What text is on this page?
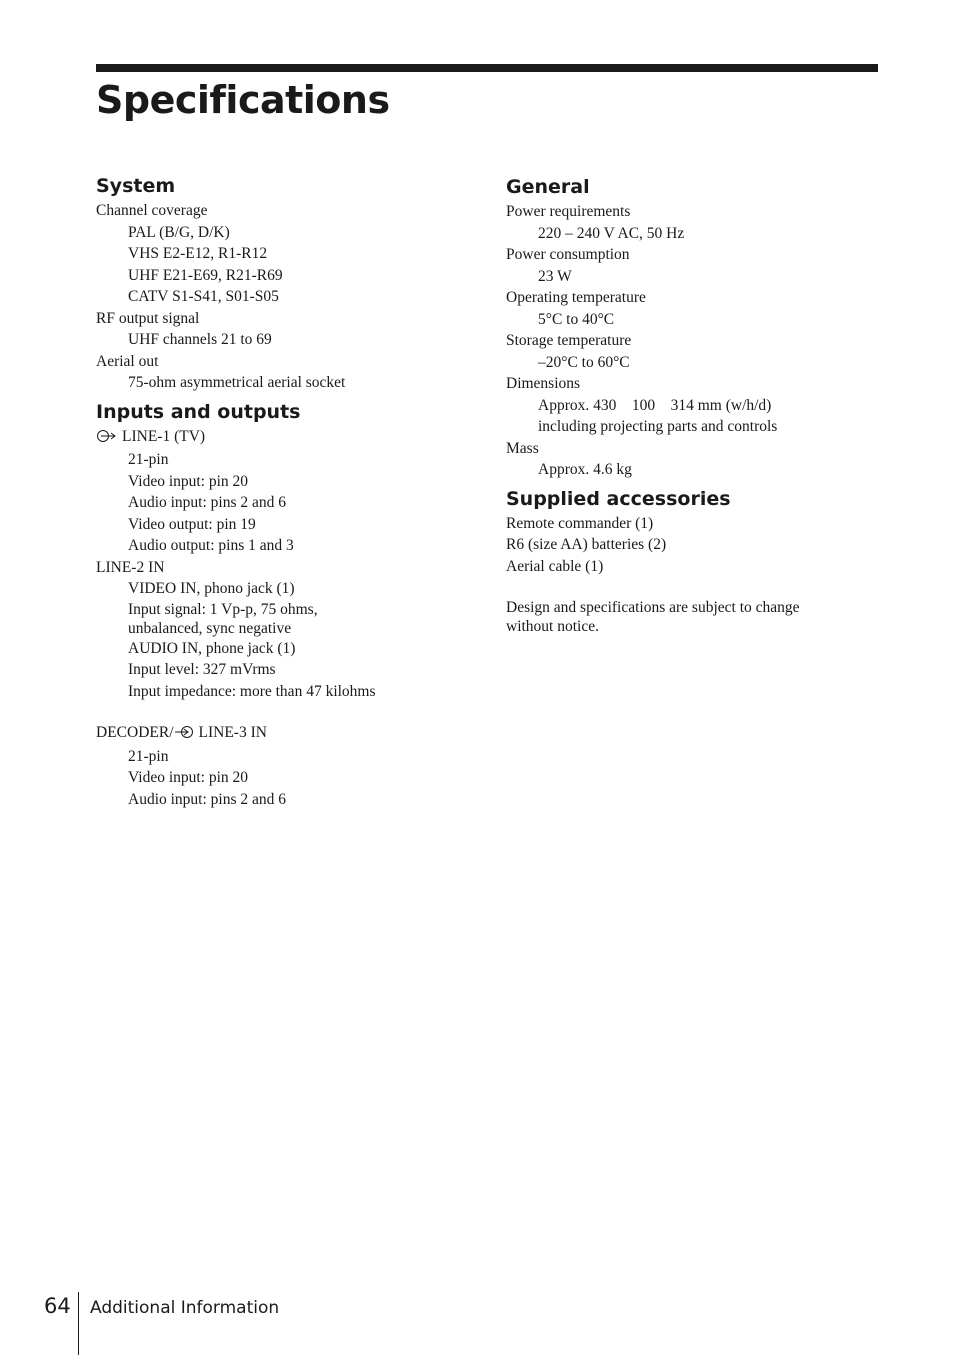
Specifications
System
Channel coverage
PAL (B/G, D/K)
VHS E2-E12, R1-R12
UHF E21-E69, R21-R69
CATV S1-S41, S01-S05
RF output signal
UHF channels 21 to 69
Aerial out
75-ohm asymmetrical aerial socket
Inputs and outputs
LINE-1 (TV)
21-pin
Video input: pin 20
Audio input: pins 2 and 6
Video output: pin 19
Audio output: pins 1 and 3
LINE-2 IN
VIDEO IN, phono jack (1)
Input signal: 1 Vp-p, 75 ohms,
unbalanced, sync negative
AUDIO IN, phone jack (1)
Input level: 327 mVrms
Input impedance: more than 47 kilohms
DECODER/ LINE-3 IN
21-pin
Video input: pin 20
Audio input: pins 2 and 6
General
Power requirements
220 – 240 V AC, 50 Hz
Power consumption
23 W
Operating temperature
5°C to 40°C
Storage temperature
–20°C to 60°C
Dimensions
Approx. 430    100    314 mm (w/h/d)
including projecting parts and controls
Mass
Approx. 4.6 kg
Supplied accessories
Remote commander (1)
R6 (size AA) batteries (2)
Aerial cable (1)
Design and specifications are subject to change
without notice.
64 Additional Information
